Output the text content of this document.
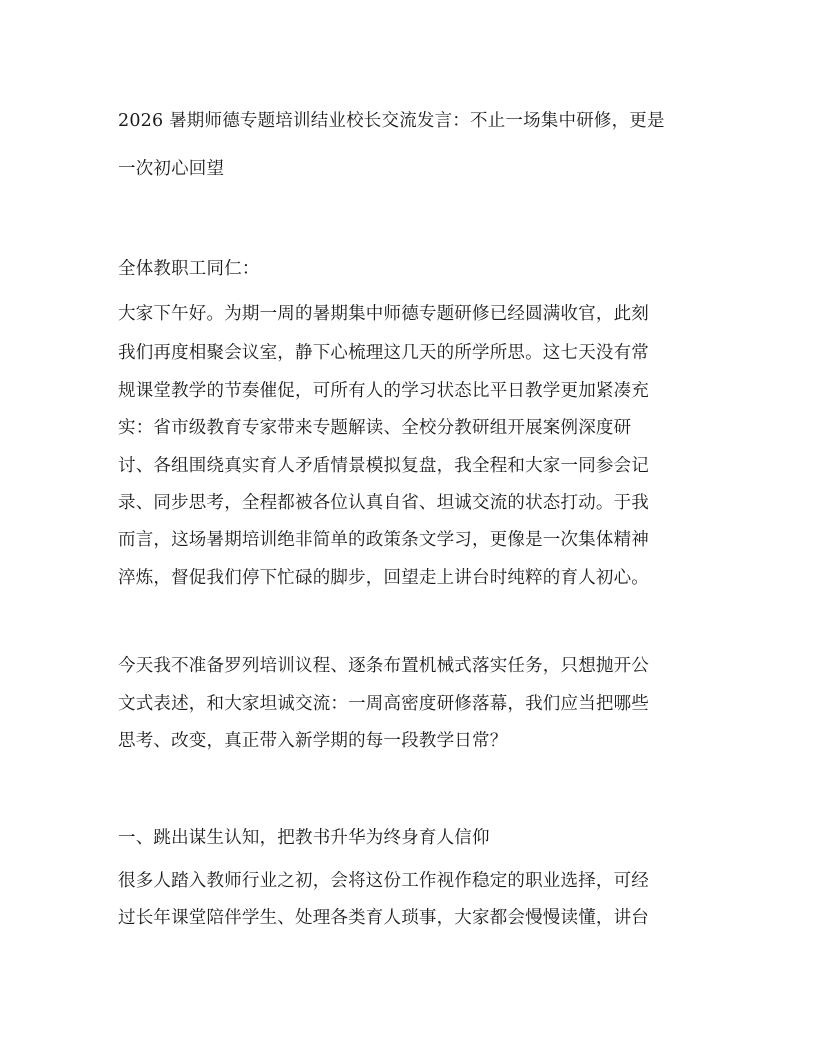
2026 暑期师德专题培训结业校长交流发言：不止一场集中研修，更是

一次初心回望

全体教职工同仁：

大家下午好。为期一周的暑期集中师德专题研修已经圆满收官，此刻

我们再度相聚会议室，静下心梳理这几天的所学所思。这七天没有常

规课堂教学的节奏催促，可所有人的学习状态比平日教学更加紧凑充

实：省市级教育专家带来专题解读、全校分教研组开展案例深度研

讨、各组围绕真实育人矛盾情景模拟复盘，我全程和大家一同参会记

录、同步思考，全程都被各位认真自省、坦诚交流的状态打动。于我

而言，这场暑期培训绝非简单的政策条文学习，更像是一次集体精神

淬炼，督促我们停下忙碌的脚步，回望走上讲台时纯粹的育人初心。

今天我不准备罗列培训议程、逐条布置机械式落实任务，只想抛开公

文式表述，和大家坦诚交流：一周高密度研修落幕，我们应当把哪些

思考、改变，真正带入新学期的每一段教学日常？

一、跳出谋生认知，把教书升华为终身育人信仰

很多人踏入教师行业之初，会将这份工作视作稳定的职业选择，可经

过长年课堂陪伴学生、处理各类育人琐事，大家都会慢慢读懂，讲台
